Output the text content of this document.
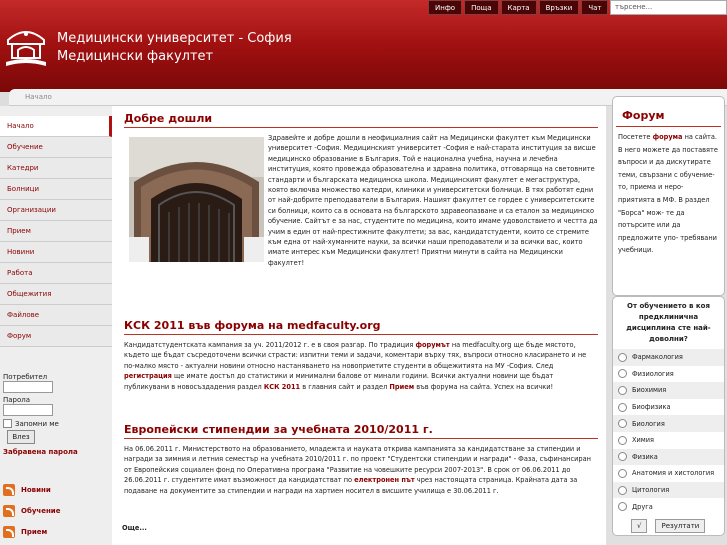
Медицински университет - София
Медицински факултет
Инфо	Поща	Карта	Връзки	Чат	търсене...
Начало
Начало
Обучение
Катедри
Болници
Организации
Прием
Новини
Работа
Общежития
Файлове
Форум
Потребител
Парола
Запомни ме
Влез
Забравена парола
Новини
Обучение
Прием
Добре дошли
Здравейте и добре дошли в неофициалния сайт на Медицински факултет към Медицински университет -София. Медицинският университет -София е най-старата институция за висше медицинско образование в България. Той е национална учебна, научна и лечебна институция, която провежда образователна и здравна политика, отговаряща на световните стандарти и българската медицинска школа. Медицинският факултет е мегаструктура, която включва множество катедри, клиники и университетски болници. В тях работят едни от най-добрите преподаватели в България. Нашият факултет се гордее с университетските си болници, които са в основата на българското здравеопазване и са еталон за медицинско обучение. Сайтът е за нас, студентите по медицина, които имаме удоволствието и честта да учим в един от най-престижните факултети; за вас, кандидатстуденти, които се стремите към една от най-хуманните науки, за всички наши преподаватели и за всички вас, които имате интерес към Медицински факултет! Приятни минути в сайта на Медицински факултет!
КСК 2011 във форума на medfaculty.org
Кандидатстудентската кампания за уч. 2011/2012 г. е в своя разгар. По традиция форумът на medfaculty.org ще бъде мястото, където ще бъдат съсредоточени всички страсти: изпитни теми и задачи, коментари върху тях, въпроси относно класирането и не по-малко място - актуални новини относно настаняването на новоприетите студенти в общежитията на МУ -София. След регистрация ще имате достъп до статистики и минимални балове от минали години. Всички актуални новини ще бъдат публикувани в новосъздадения раздел КСК 2011 в главния сайт и раздел Прием във форума на сайта. Успех на всички!
Европейски стипендии за учебната 2010/2011 г.
На 06.06.2011 г. Министерството на образованието, младежта и науката открива кампанията за кандидатстване за стипендии и награди за зимния и летния семестър на учебната 2010/2011 г. по проект "Студентски стипендии и награди" - Фаза, съфинансиран от Европейския социален фонд по Оперативна програма "Развитие на човешките ресурси 2007-2013". В срок от 06.06.2011 до 26.06.2011 г. студентите имат възможност да кандидатстват по електронен път чрез настоящата страница. Крайната дата за подаване на документите за стипендии и награди на хартиен носител в висшите училища е 30.06.2011 г.
Още...
Форум
Посетете форума на сайта. В него можете да поставяте въпроси и да дискутирате теми, свързани с обучение- то, приема и неро- приятията в МФ. В раздел "Борса" мож- те да потърсите или да предложите упо- требявани учебници.
От обучението в коя предклинична дисциплина сте най-доволни?
Фармакология
Физиология
Биохимия
Биофизика
Биология
Химия
Физика
Анатомия и хистология
Цитология
Друга
√	Резултати
